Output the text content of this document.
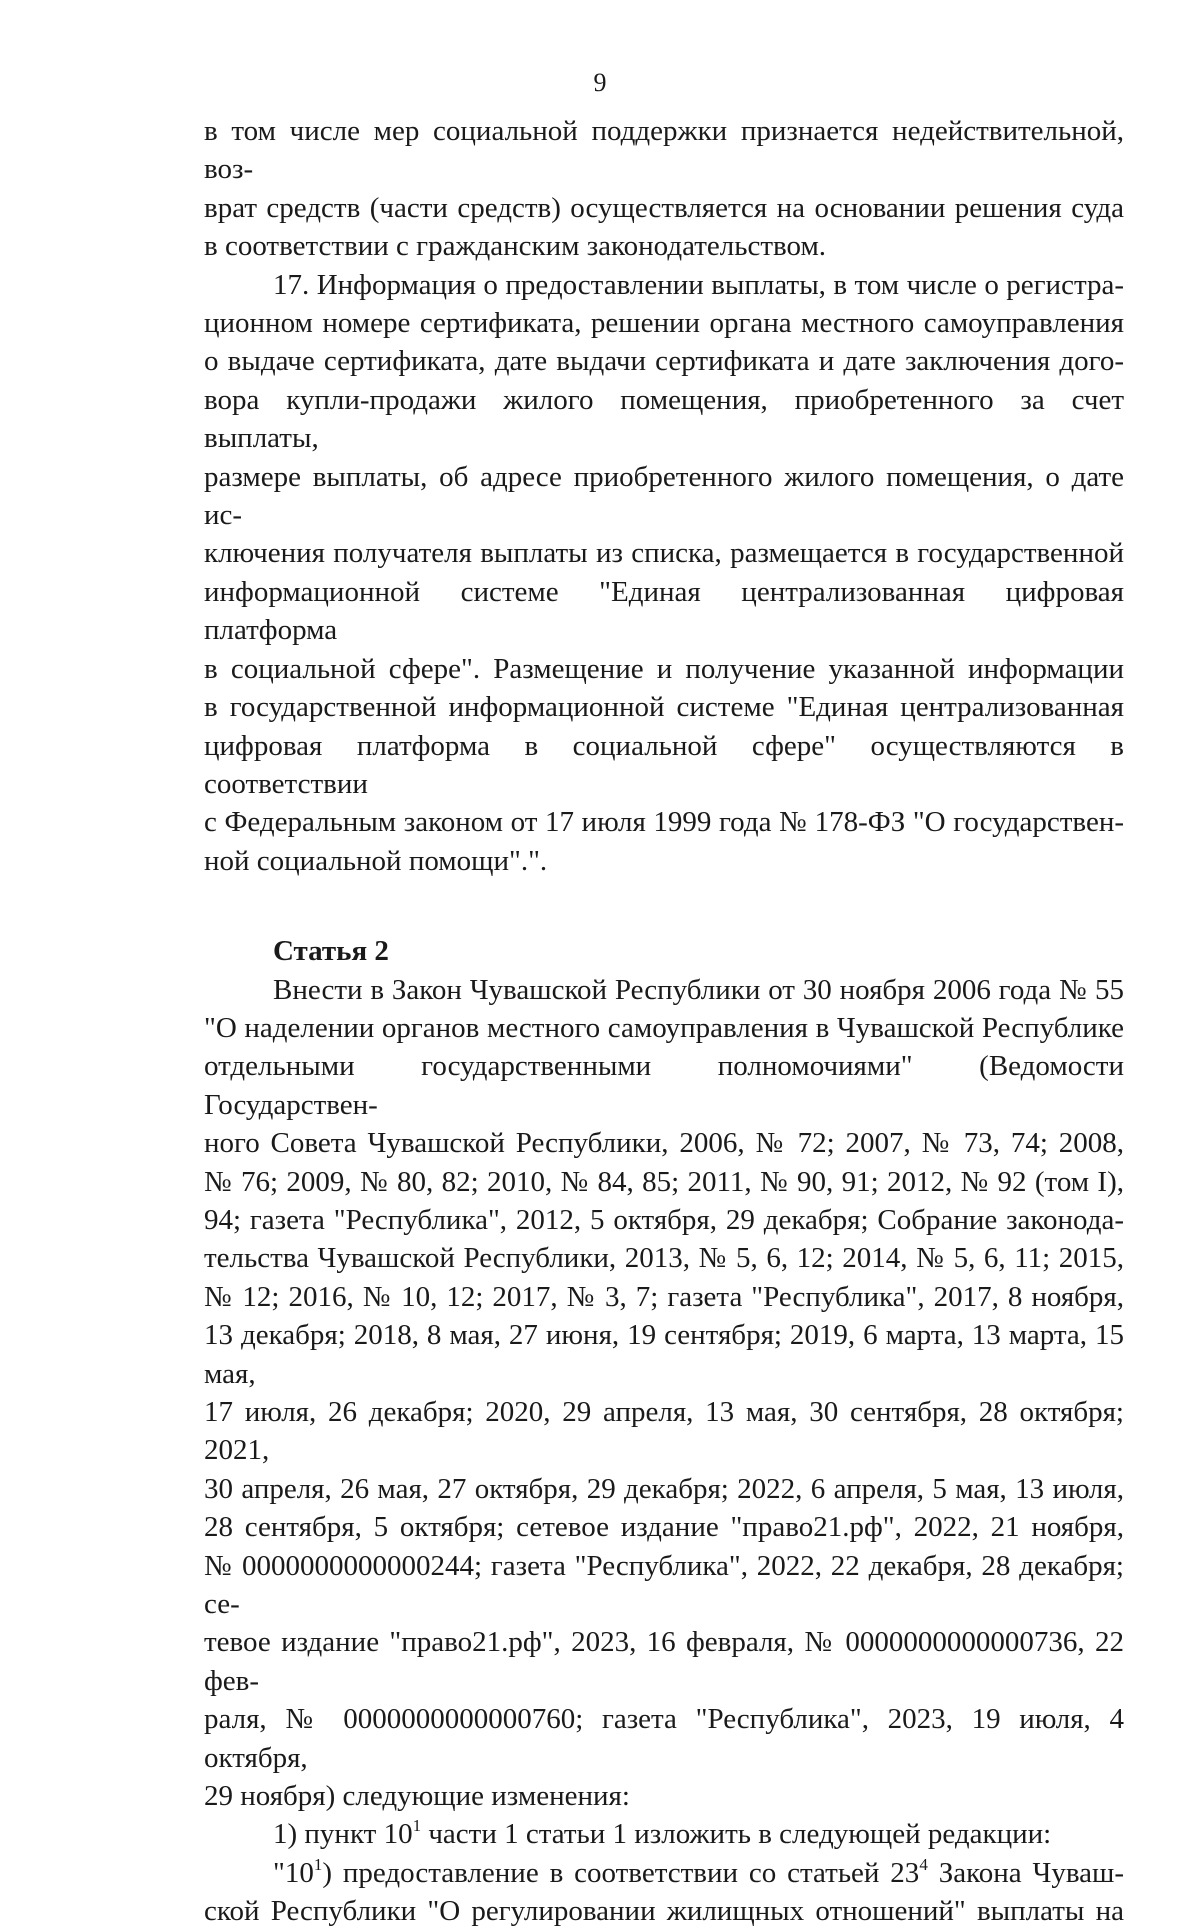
9

в том числе мер социальной поддержки признается недействительной, воз-

врат средств (части средств) осуществляется на основании решения суда

в соответствии с гражданским законодательством.

17. Информация о предоставлении выплаты, в том числе о регистра-

ционном номере сертификата, решении органа местного самоуправления

о выдаче сертификата, дате выдачи сертификата и дате заключения дого-

вора купли-продажи жилого помещения, приобретенного за счет выплаты,

размере выплаты, об адресе приобретенного жилого помещения, о дате ис-

ключения получателя выплаты из списка, размещается в государственной

информационной системе "Единая централизованная цифровая платформа

в социальной сфере". Размещение и получение указанной информации

в государственной информационной системе "Единая централизованная

цифровая платформа в социальной сфере" осуществляются в соответствии

с Федеральным законом от 17 июля 1999 года № 178-ФЗ "О государствен-

ной социальной помощи".".

Статья 2

Внести в Закон Чувашской Республики от 30 ноября 2006 года № 55

"О наделении органов местного самоуправления в Чувашской Республике

отдельными государственными полномочиями" (Ведомости Государствен-

ного Совета Чувашской Республики, 2006, № 72; 2007, № 73, 74; 2008,

№ 76; 2009, № 80, 82; 2010, № 84, 85; 2011, № 90, 91; 2012, № 92 (том I),

94; газета "Республика", 2012, 5 октября, 29 декабря; Собрание законода-

тельства Чувашской Республики, 2013, № 5, 6, 12; 2014, № 5, 6, 11; 2015,

№ 12; 2016, № 10, 12; 2017, № 3, 7; газета "Республика", 2017, 8 ноября,

13 декабря; 2018, 8 мая, 27 июня, 19 сентября; 2019, 6 марта, 13 марта, 15 мая,

17 июля, 26 декабря; 2020, 29 апреля, 13 мая, 30 сентября, 28 октября; 2021,

30 апреля, 26 мая, 27 октября, 29 декабря; 2022, 6 апреля, 5 мая, 13 июля,

28 сентября, 5 октября; сетевое издание "право21.рф", 2022, 21 ноября,

№ 0000000000000244; газета "Республика", 2022, 22 декабря, 28 декабря; се-

тевое издание "право21.рф", 2023, 16 февраля, № 0000000000000736, 22 фев-

раля, № 0000000000000760; газета "Республика", 2023, 19 июля, 4 октября,

29 ноября) следующие изменения:

1) пункт $10^1$ части 1 статьи 1 изложить в следующей редакции:

"$10^1$) предоставление в соответствии со статьей $23^4$ Закона Чуваш-

ской Республики "О регулировании жилищных отношений" выплаты на
